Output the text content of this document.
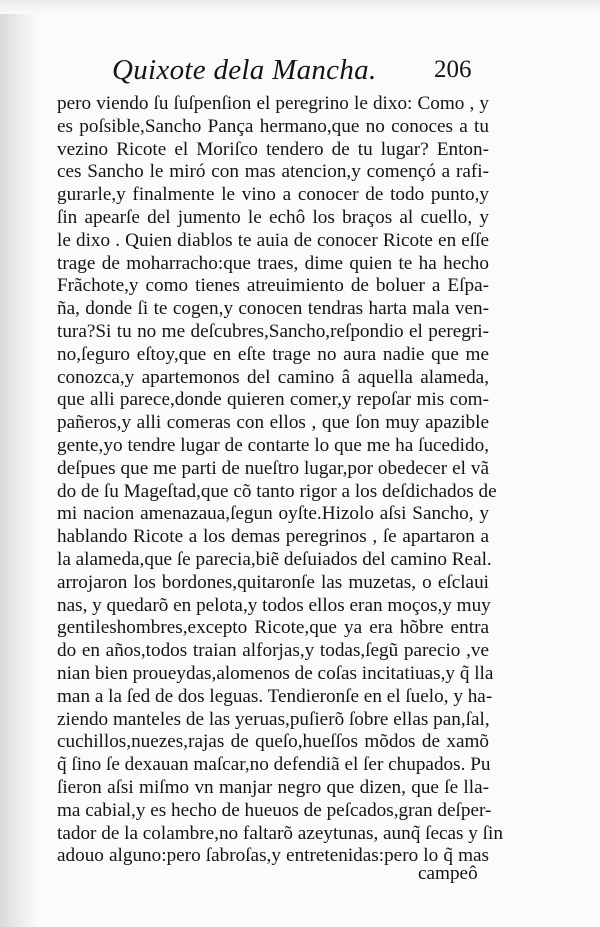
Quixote dela Mancha. 206
pero viendo ſu ſuſpenſion el peregrino le dixo: Como , y
es poſsible,Sancho Pança hermano,que no conoces a tu
vezino Ricote el Moriſco tendero de tu lugar? Enton-
ces Sancho le miró con mas atencion,y començó a rafi-
gurarle,y finalmente le vino a conocer de todo punto,y
ſin apearſe del jumento le echô los braços al cuello, y
le dixo . Quien diablos te auia de conocer Ricote en eſſe
trage de moharracho:que traes, dime quien te ha hecho
Frãchote,y como tienes atreuimiento de boluer a Eſpa-
ña, donde ſi te cogen,y conocen tendras harta mala ven-
tura?Si tu no me deſcubres,Sancho,reſpondio el peregri-
no,ſeguro eſtoy,que en eſte trage no aura nadie que me
conozca,y apartemonos del camino â aquella alameda,
que alli parece,donde quieren comer,y repoſar mis com-
pañeros,y alli comeras con ellos , que ſon muy apazible
gente,yo tendre lugar de contarte lo que me ha ſucedido,
deſpues que me parti de nueſtro lugar,por obedecer el vã
do de ſu Mageſtad,que cõ tanto rigor a los deſdichados de
mi nacion amenazaua,ſegun oyſte.Hizolo aſsi Sancho, y
hablando Ricote a los demas peregrinos , ſe apartaron a
la alameda,que ſe parecia,biẽ deſuiados del camino Real.
arrojaron los bordones,quitaronſe las muzetas, o eſclaui
nas, y quedarõ en pelota,y todos ellos eran moços,y muy
gentileshombres,excepto Ricote,que ya era hõbre entra
do en años,todos traian alforjas,y todas,ſegũ parecio ,ve
nian bien proueydas,alomenos de coſas incitatiuas,y q̃ lla
man a la ſed de dos leguas. Tendieronſe en el ſuelo, y ha-
ziendo manteles de las yeruas,puſierõ ſobre ellas pan,ſal,
cuchillos,nuezes,rajas de queſo,hueſſos mõdos de xamõ
q̃ ſino ſe dexauan maſcar,no defendiã el ſer chupados. Pu
ſieron aſsi miſmo vn manjar negro que dizen, que ſe lla-
ma cabial,y es hecho de hueuos de peſcados,gran deſper-
tador de la colambre,no faltarõ azeytunas, aunq̃ ſecas y ſin
adouo alguno:pero ſabroſas,y entretenidas:pero lo q̃ mas
campeô
